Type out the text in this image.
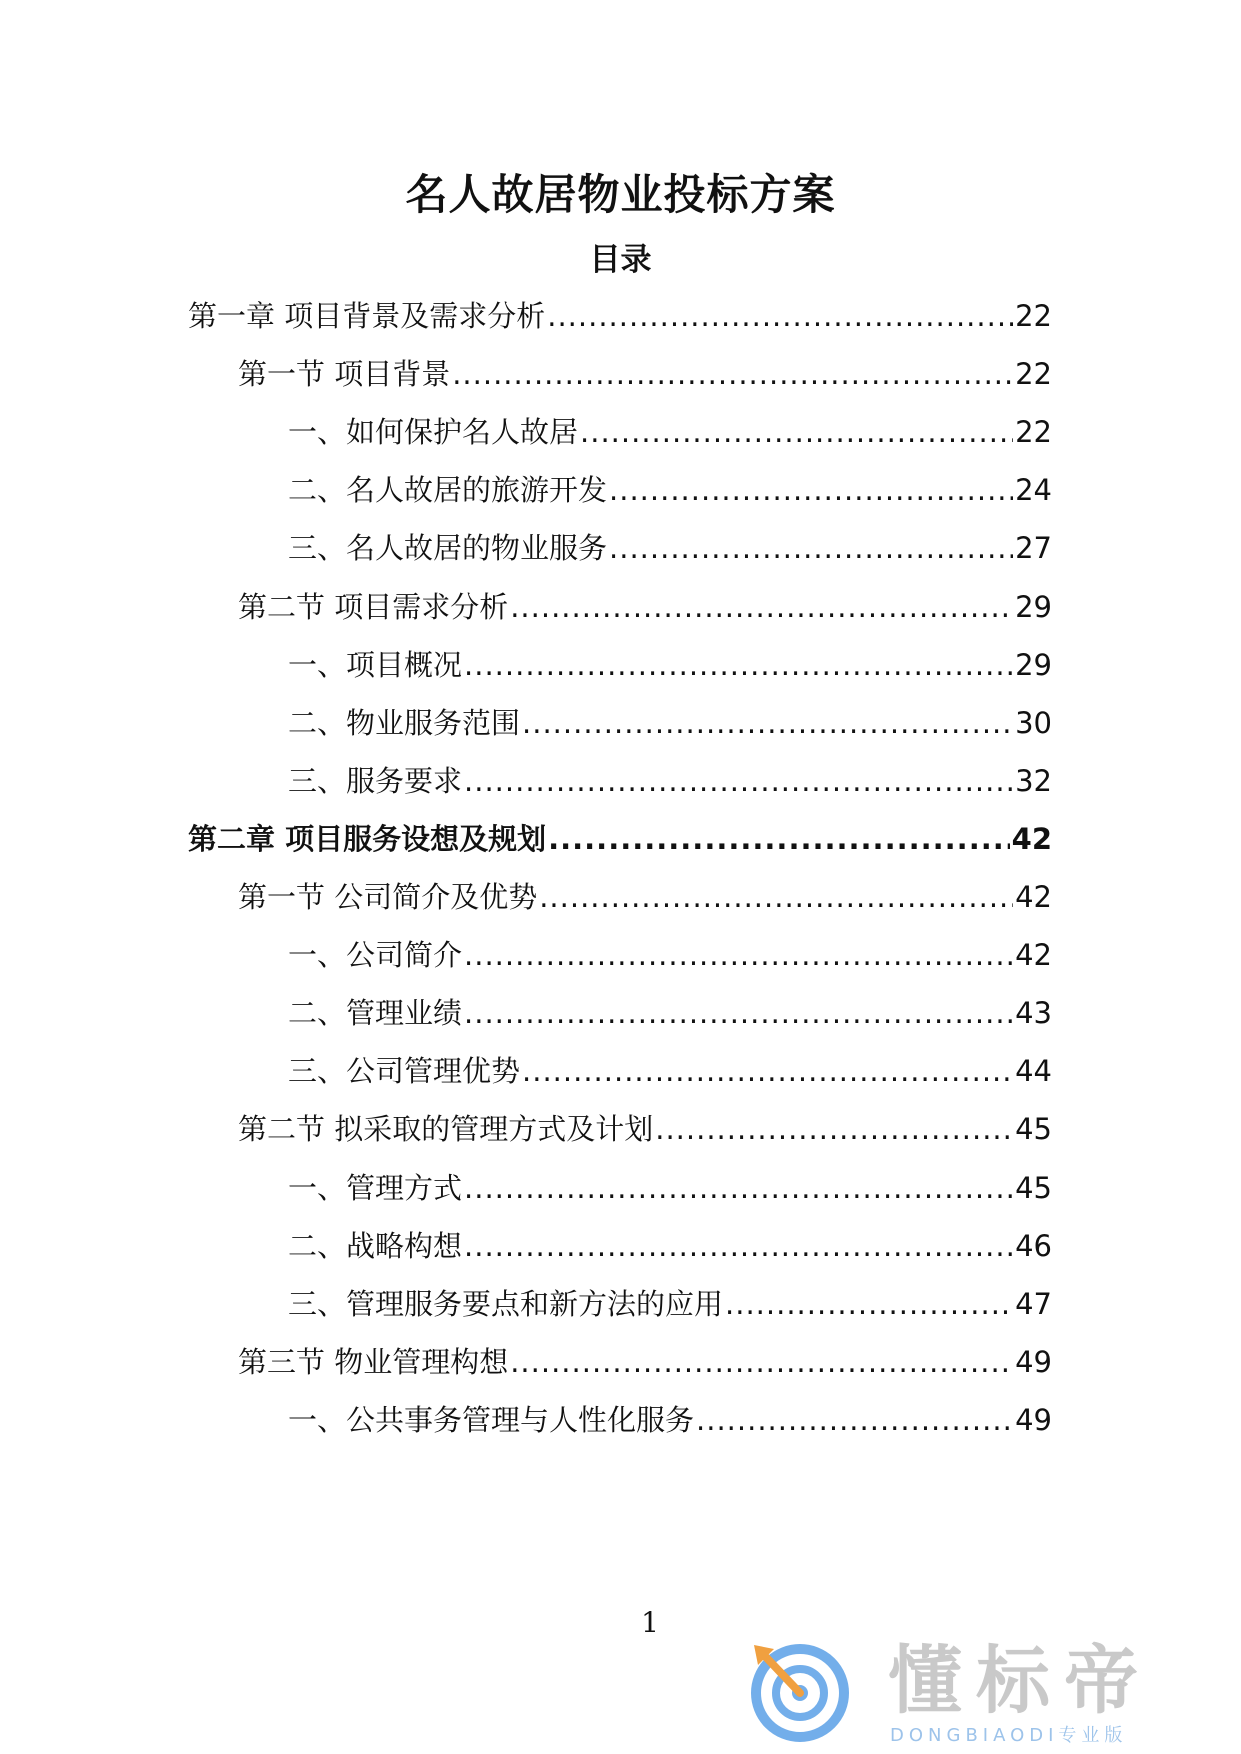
名人故居物业投标方案
目录
第一章 项目背景及需求分析 .....	22
第一节 项目背景 .....	22
一、如何保护名人故居 .....	22
二、名人故居的旅游开发 .....	24
三、名人故居的物业服务 .....	27
第二节 项目需求分析 .....	29
一、项目概况 .....	29
二、物业服务范围 .....	30
三、服务要求 .....	32
第二章 项目服务设想及规划 .....	42
第一节 公司简介及优势 .....	42
一、公司简介 .....	42
二、管理业绩 .....	43
三、公司管理优势 .....	44
第二节 拟采取的管理方式及计划 .....	45
一、管理方式 .....	45
二、战略构想 .....	46
三、管理服务要点和新方法的应用 .....	47
第三节 物业管理构想 .....	49
一、公共事务管理与人性化服务 .....	49
1
懂标帝
DONGBIAODI专业版
